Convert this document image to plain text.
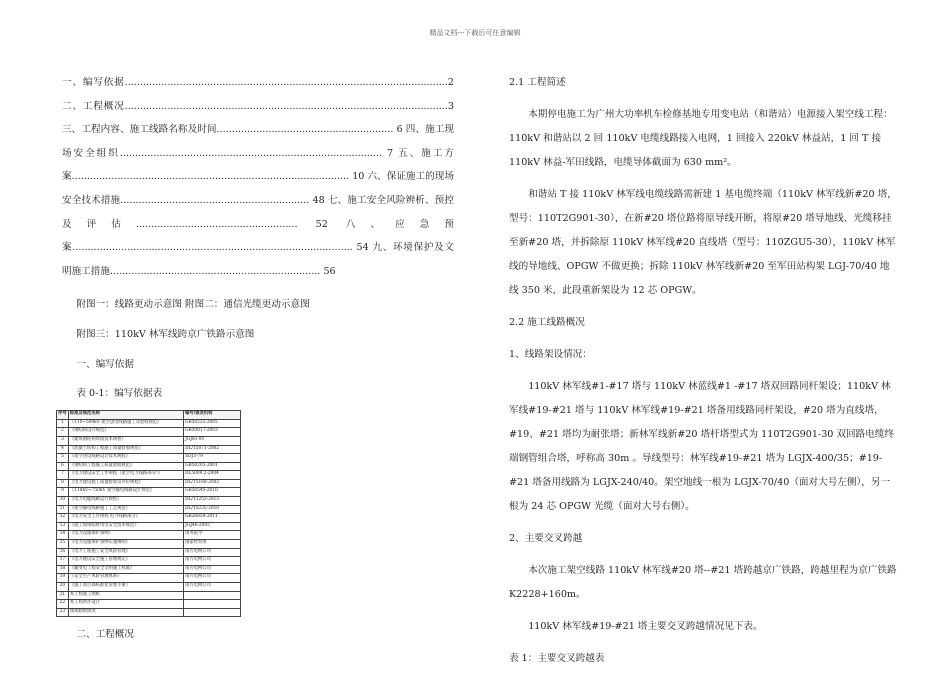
精品文档---下载后可任意编辑
一、编写依据..........................................................................................................2 二、工程概况..........................................................................................................3 三、工程内容、施工线路名称及时间.......................................................... 6 四、施工现场安全组织...................................................................................... 7 五、施工方案........................................................................................... 10 六、保证施工的现场安全技术措施.............................................................. 48 七、施工安全风险辨析、预控及评估..................................................... 52 八、应急预案............................................................................................ 54 九、环境保护及文明施工措施..................................................................... 56
附图一：线路更动示意图 附图二：通信光缆更动示意图
附图三：110kV 林军线跨京广铁路示意图
一、编写依据
表 0-1：编写依据表
序号	标准及规范名称	编号/颁发机构
1	《110~500kV 架空送电线路施工及验收规范》	GB50233-2005
2	《钢结构设计规范》	GB50017-2003
3	《建筑钢结构焊接技术规程》	JGJ81-91
4	《混凝土结构工程施工质量验收规范》	DL/T5071-2002
5	《架空送电线路设计技术规程》	SDJ3-79
6	《钢结构工程施工质量验收规范》	GB50205-2001
7	《电力建设安全工作规程（架空电力线路部分）》	DL5009.2-2004
8	《电力建设施工质量验收及评价规程》	DL/T5168-2002
9	《110kV~750kV 架空输电线路设计规范》	GB50545-2010
10	《电力电缆线路运行规程》	DL/T1253-2013
11	《架空输电线路施工工艺规范》	DL/T5235-2010
12	《电力安全工作规程 电力线路部分》	GB26859-2011
13	《施工现场临时用电安全技术规范》	JGJ46-2005
14	《电力设施保护条例》	国务院令
15	《电力设施保护条例实施细则》	国家经贸委
16	《电力工程施工安全风险管理》	南方电网公司
17	《电力建设安全施工管理规定》	南方电网公司
18	《输变电工程安全文明施工标准》	南方电网公司
19	《安全生产风险管理体系》	南方电网公司
20	《施工项目部标准化管理手册》	南方电网公司
21	本工程施工图纸	
22	本工程初步设计	
23	现场踏勘情况	
二、工程概况
2.1 工程简述
本期停电施工为广州大功率机车检修基地专用变电站（和谐站）电源接入架空线工程：110kV 和谐站以 2 回 110kV 电缆线路接入电网，1 回接入 220kV 林益站，1 回 T 接 110kV 林益-军田线路，电缆导体截面为 630 mm²。
和谐站 T 接 110kV 林军线电缆线路需新建 1 基电缆终端（110kV 林军线新#20 塔，型号：110T2G901-30），在新#20 塔位路将原导线开断，将原#20 塔导地线、光缆移挂至新#20 塔，并拆除原 110kV 林军线#20 直线塔（型号：110ZGU5-30），110kV 林军线的导地线、OPGW 不做更换；拆除 110kV 林军线新#20 至军田站构架 LGJ-70/40 地线 350 米，此段重新架设为 12 芯 OPGW。
2.2 施工线路概况
1、线路架设情况：
110kV 林军线#1-#17 塔与 110kV 林蓝线#1 -#17 塔双回路同杆架设；110kV 林军线#19-#21 塔与 110kV 林军线#19-#21 塔备用线路同杆架设，#20 塔为直线塔，#19、#21 塔均为耐张塔；新林军线新#20 塔杆塔型式为 110T2G901-30 双回路电缆终端钢管组合塔，呼称高 30m 。导线型号：林军线#19-#21 塔为 LGJX-400/35；#19-#21 塔备用线路为 LGJX-240/40。架空地线一根为 LGJX-70/40（面对大号左侧），另一根为 24 芯 OPGW 光缆（面对大号右侧）。
2、主要交叉跨越
本次施工架空线路 110kV 林军线#20 塔--#21 塔跨越京广铁路，跨越里程为京广铁路 K2228+160m。
110kV 林军线#19-#21 塔主要交叉跨越情况见下表。
表 1：主要交叉跨越表
